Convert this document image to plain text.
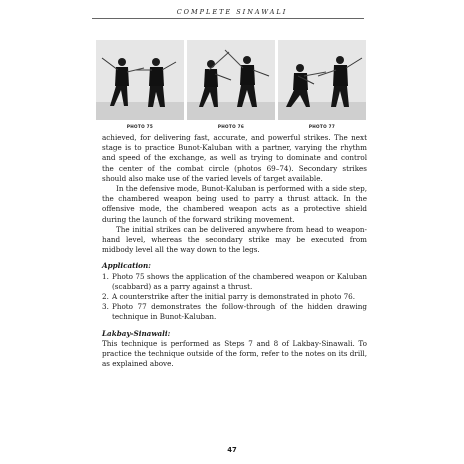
COMPLETE SINAWALI
PHOTO 75	PHOTO 76	PHOTO 77

achieved, for delivering fast, accurate, and powerful strikes. The next stage is to practice Bunot-Kaluban with a partner, varying the rhythm and speed of the exchange, as well as trying to dominate and control the center of the combat circle (photos 69–74). Secondary strikes should also make use of the varied levels of target available.

In the defensive mode, Bunot-Kaluban is performed with a side step, the chambered weapon being used to parry a thrust attack. In the offensive mode, the chambered weapon acts as a protective shield during the launch of the forward striking movement.

The initial strikes can be delivered anywhere from head to weapon-hand level, whereas the secondary strike may be executed from midbody level all the way down to the legs.

Application:

1. Photo 75 shows the application of the chambered weapon or Kaluban (scabbard) as a parry against a thrust.
2. A counterstrike after the initial parry is demonstrated in photo 76.
3. Photo 77 demonstrates the follow-through of the hidden drawing technique in Bunot-Kaluban.

Lakbay-Sinawali:

This technique is performed as Steps 7 and 8 of Lakbay-Sinawali. To practice the technique outside of the form, refer to the notes on its drill, as explained above.

47
